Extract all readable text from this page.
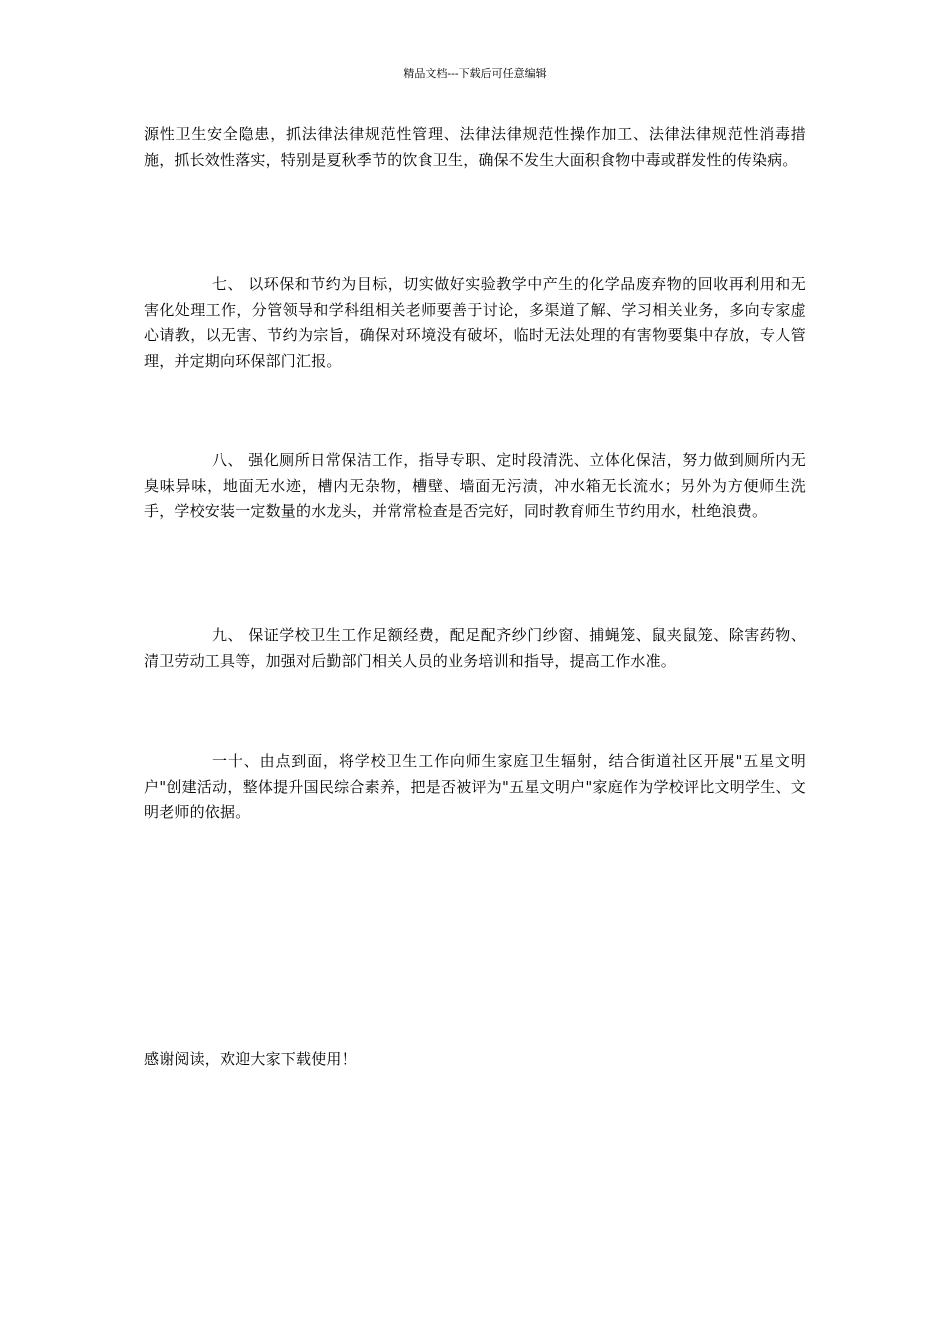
精品文档---下载后可任意编辑

源性卫生安全隐患，抓法律法律规范性管理、法律法律规范性操作加工、法律法律规范性消毒措施，抓长效性落实，特别是夏秋季节的饮食卫生，确保不发生大面积食物中毒或群发性的传染病。

七、 以环保和节约为目标，切实做好实验教学中产生的化学品废弃物的回收再利用和无害化处理工作，分管领导和学科组相关老师要善于讨论，多渠道了解、学习相关业务，多向专家虚心请教，以无害、节约为宗旨，确保对环境没有破坏，临时无法处理的有害物要集中存放，专人管理，并定期向环保部门汇报。

八、 强化厕所日常保洁工作，指导专职、定时段清洗、立体化保洁，努力做到厕所内无臭味异味，地面无水迹，槽内无杂物，槽壁、墙面无污渍，冲水箱无长流水；另外为方便师生洗手，学校安装一定数量的水龙头，并常常检查是否完好，同时教育师生节约用水，杜绝浪费。

九、 保证学校卫生工作足额经费，配足配齐纱门纱窗、捕蝇笼、鼠夹鼠笼、除害药物、清卫劳动工具等，加强对后勤部门相关人员的业务培训和指导，提高工作水准。

一十、由点到面，将学校卫生工作向师生家庭卫生辐射，结合街道社区开展"五星文明户"创建活动，整体提升国民综合素养，把是否被评为"五星文明户"家庭作为学校评比文明学生、文明老师的依据。

感谢阅读，欢迎大家下载使用！
